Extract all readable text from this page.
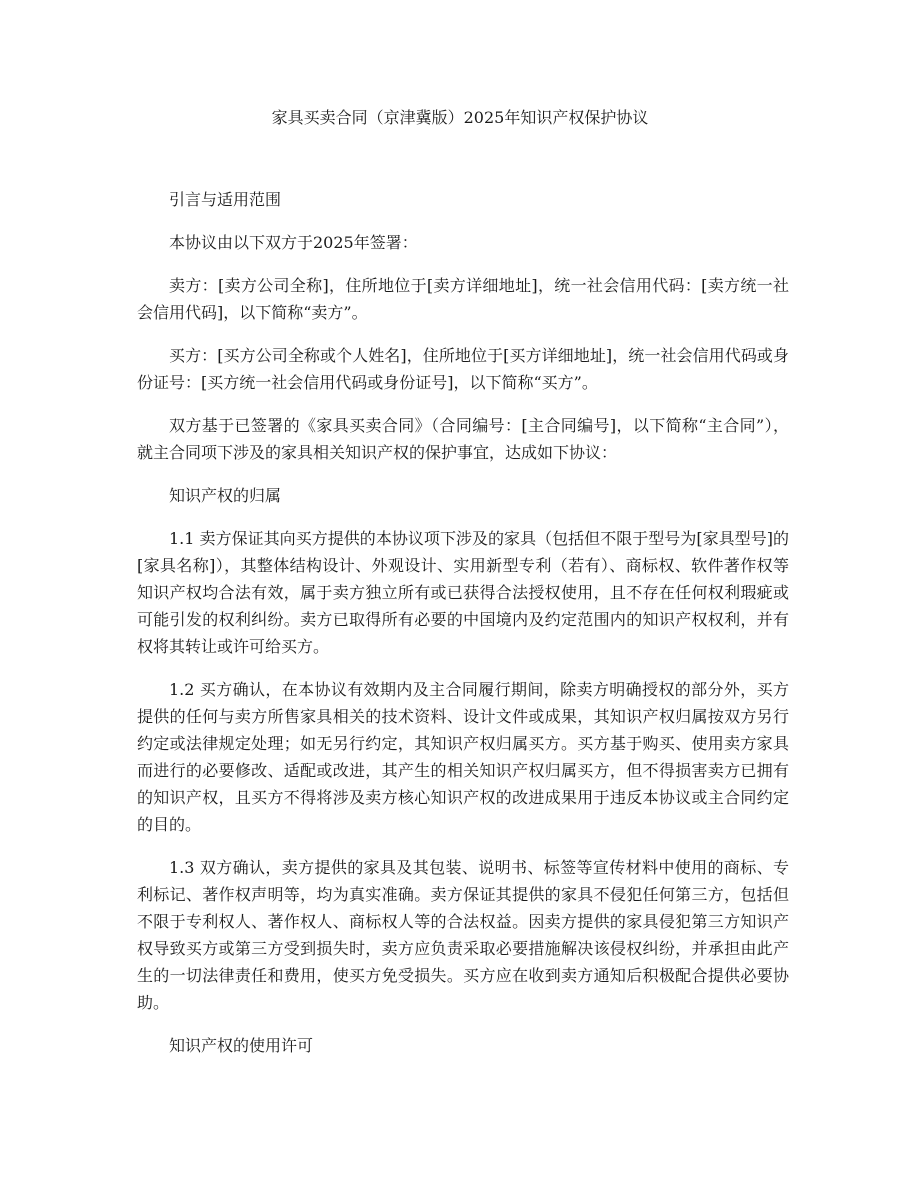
家具买卖合同（京津冀版）2025年知识产权保护协议

引言与适用范围

本协议由以下双方于2025年签署：

卖方：[卖方公司全称]，住所地位于[卖方详细地址]，统一社会信用代码：[卖方统一社会信用代码]，以下简称“卖方”。

买方：[买方公司全称或个人姓名]，住所地位于[买方详细地址]，统一社会信用代码或身份证号：[买方统一社会信用代码或身份证号]，以下简称“买方”。

双方基于已签署的《家具买卖合同》（合同编号：[主合同编号]，以下简称“主合同”），就主合同项下涉及的家具相关知识产权的保护事宜，达成如下协议：

知识产权的归属

1.1 卖方保证其向买方提供的本协议项下涉及的家具（包括但不限于型号为[家具型号]的[家具名称]），其整体结构设计、外观设计、实用新型专利（若有）、商标权、软件著作权等知识产权均合法有效，属于卖方独立所有或已获得合法授权使用，且不存在任何权利瑕疵或可能引发的权利纠纷。卖方已取得所有必要的中国境内及约定范围内的知识产权权利，并有权将其转让或许可给买方。

1.2 买方确认，在本协议有效期内及主合同履行期间，除卖方明确授权的部分外，买方提供的任何与卖方所售家具相关的技术资料、设计文件或成果，其知识产权归属按双方另行约定或法律规定处理；如无另行约定，其知识产权归属买方。买方基于购买、使用卖方家具而进行的必要修改、适配或改进，其产生的相关知识产权归属买方，但不得损害卖方已拥有的知识产权，且买方不得将涉及卖方核心知识产权的改进成果用于违反本协议或主合同约定的目的。

1.3 双方确认，卖方提供的家具及其包装、说明书、标签等宣传材料中使用的商标、专利标记、著作权声明等，均为真实准确。卖方保证其提供的家具不侵犯任何第三方，包括但不限于专利权人、著作权人、商标权人等的合法权益。因卖方提供的家具侵犯第三方知识产权导致买方或第三方受到损失时，卖方应负责采取必要措施解决该侵权纠纷，并承担由此产生的一切法律责任和费用，使买方免受损失。买方应在收到卖方通知后积极配合提供必要协助。

知识产权的使用许可
